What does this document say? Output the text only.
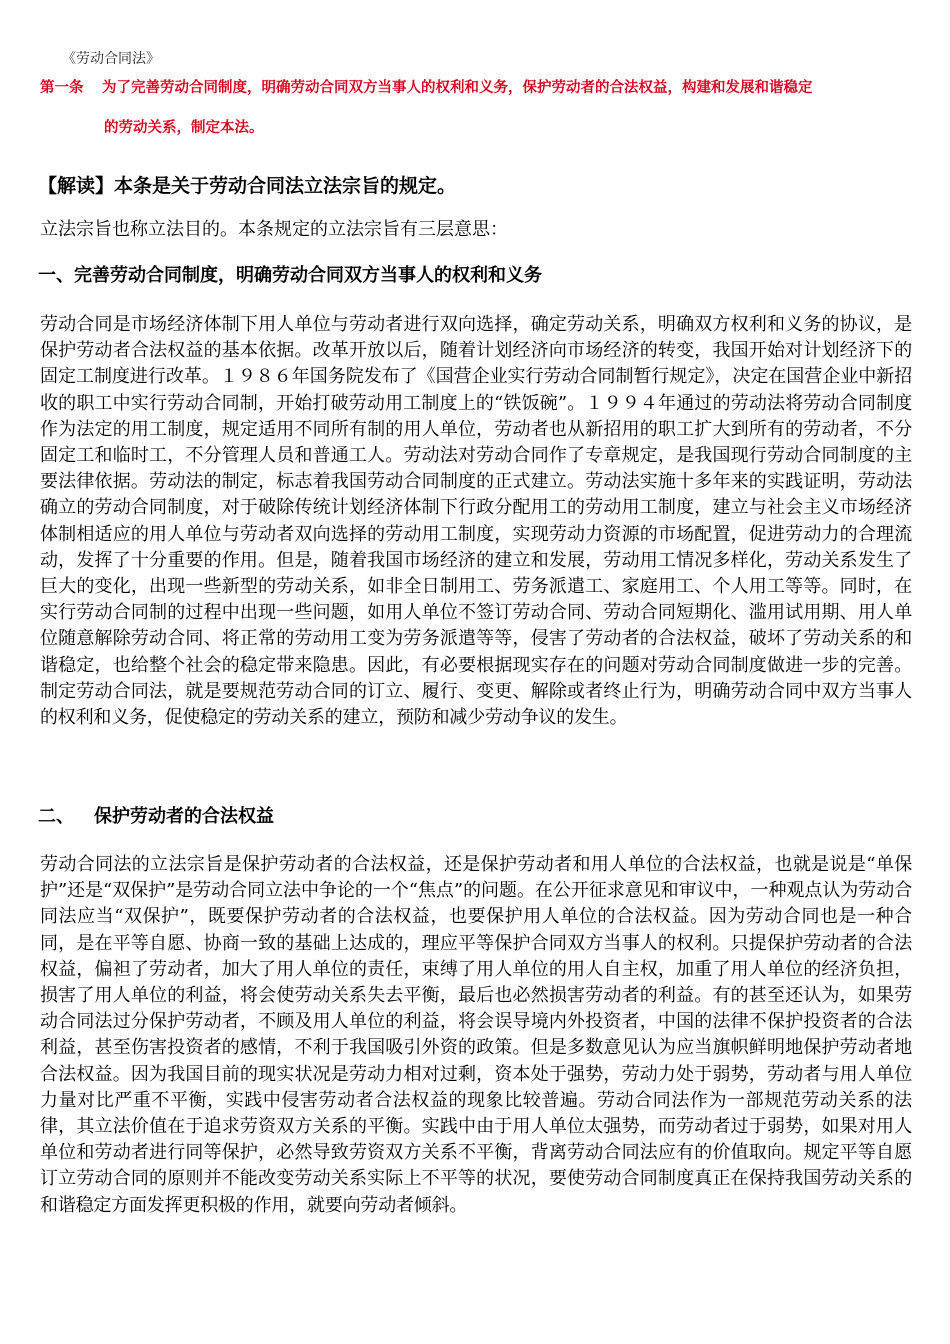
《劳动合同法》
第一条 为了完善劳动合同制度，明确劳动合同双方当事人的权利和义务，保护劳动者的合法权益，构建和发展和谐稳定
的劳动关系，制定本法。
【解读】本条是关于劳动合同法立法宗旨的规定。
立法宗旨也称立法目的。本条规定的立法宗旨有三层意思：
一、完善劳动合同制度，明确劳动合同双方当事人的权利和义务
劳动合同是市场经济体制下用人单位与劳动者进行双向选择，确定劳动关系，明确双方权利和义务的协议，是保护劳动者合法权益的基本依据。改革开放以后，随着计划经济向市场经济的转变，我国开始对计划经济下的固定工制度进行改革。１９８６年国务院发布了《国营企业实行劳动合同制暂行规定》，决定在国营企业中新招收的职工中实行劳动合同制，开始打破劳动用工制度上的“铁饭碗”。１９９４年通过的劳动法将劳动合同制度作为法定的用工制度，规定适用不同所有制的用人单位，劳动者也从新招用的职工扩大到所有的劳动者，不分固定工和临时工，不分管理人员和普通工人。劳动法对劳动合同作了专章规定，是我国现行劳动合同制度的主要法律依据。劳动法的制定，标志着我国劳动合同制度的正式建立。劳动法实施十多年来的实践证明，劳动法确立的劳动合同制度，对于破除传统计划经济体制下行政分配用工的劳动用工制度，建立与社会主义市场经济体制相适应的用人单位与劳动者双向选择的劳动用工制度，实现劳动力资源的市场配置，促进劳动力的合理流动，发挥了十分重要的作用。但是，随着我国市场经济的建立和发展，劳动用工情况多样化，劳动关系发生了巨大的变化，出现一些新型的劳动关系，如非全日制用工、劳务派遣工、家庭用工、个人用工等等。同时，在实行劳动合同制的过程中出现一些问题，如用人单位不签订劳动合同、劳动合同短期化、滥用试用期、用人单位随意解除劳动合同、将正常的劳动用工变为劳务派遣等等，侵害了劳动者的合法权益，破坏了劳动关系的和谐稳定，也给整个社会的稳定带来隐患。因此，有必要根据现实存在的问题对劳动合同制度做进一步的完善。制定劳动合同法，就是要规范劳动合同的订立、履行、变更、解除或者终止行为，明确劳动合同中双方当事人的权利和义务，促使稳定的劳动关系的建立，预防和减少劳动争议的发生。
二、 保护劳动者的合法权益
劳动合同法的立法宗旨是保护劳动者的合法权益，还是保护劳动者和用人单位的合法权益，也就是说是“单保护”还是“双保护”是劳动合同立法中争论的一个“焦点”的问题。在公开征求意见和审议中，一种观点认为劳动合同法应当“双保护”，既要保护劳动者的合法权益，也要保护用人单位的合法权益。因为劳动合同也是一种合同，是在平等自愿、协商一致的基础上达成的，理应平等保护合同双方当事人的权利。只提保护劳动者的合法权益，偏袒了劳动者，加大了用人单位的责任，束缚了用人单位的用人自主权，加重了用人单位的经济负担，损害了用人单位的利益，将会使劳动关系失去平衡，最后也必然损害劳动者的利益。有的甚至还认为，如果劳动合同法过分保护劳动者，不顾及用人单位的利益，将会误导境内外投资者，中国的法律不保护投资者的合法利益，甚至伤害投资者的感情，不利于我国吸引外资的政策。但是多数意见认为应当旗帜鲜明地保护劳动者地合法权益。因为我国目前的现实状况是劳动力相对过剩，资本处于强势，劳动力处于弱势，劳动者与用人单位力量对比严重不平衡，实践中侵害劳动者合法权益的现象比较普遍。劳动合同法作为一部规范劳动关系的法律，其立法价值在于追求劳资双方关系的平衡。实践中由于用人单位太强势，而劳动者过于弱势，如果对用人单位和劳动者进行同等保护，必然导致劳资双方关系不平衡，背离劳动合同法应有的价值取向。规定平等自愿订立劳动合同的原则并不能改变劳动关系实际上不平等的状况，要使劳动合同制度真正在保持我国劳动关系的和谐稳定方面发挥更积极的作用，就要向劳动者倾斜。
